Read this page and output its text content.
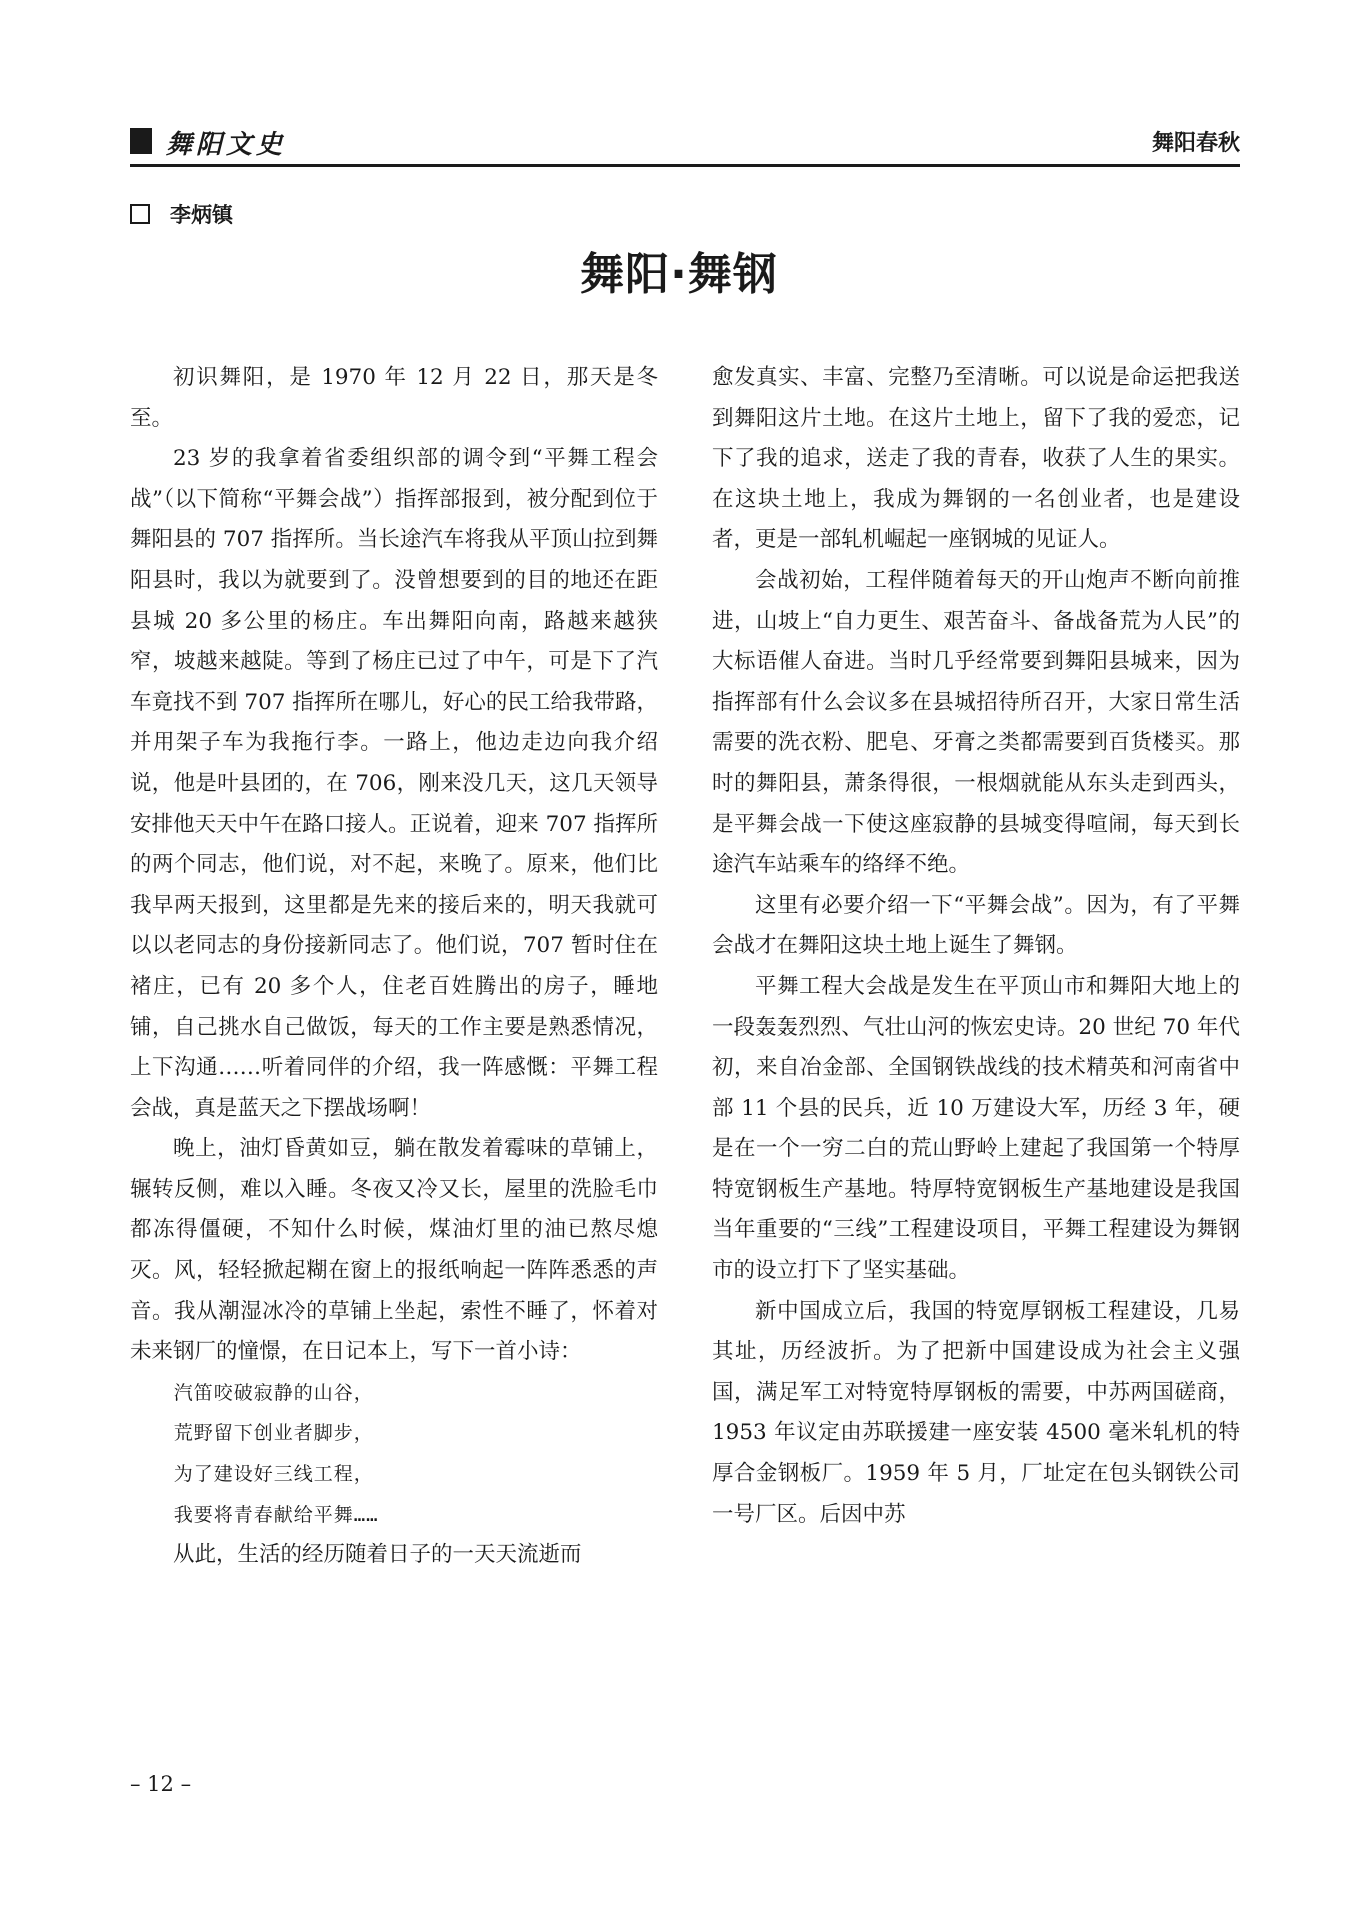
舞阳文史	舞阳春秋
李炳镇
舞阳·舞钢

初识舞阳，是 1970 年 12 月 22 日，那天是冬至。

23 岁的我拿着省委组织部的调令到“平舞工程会战”（以下简称“平舞会战”）指挥部报到，被分配到位于舞阳县的 707 指挥所。当长途汽车将我从平顶山拉到舞阳县时，我以为就要到了。没曾想要到的目的地还在距县城 20 多公里的杨庄。车出舞阳向南，路越来越狭窄，坡越来越陡。等到了杨庄已过了中午，可是下了汽车竟找不到 707 指挥所在哪儿，好心的民工给我带路，并用架子车为我拖行李。一路上，他边走边向我介绍说，他是叶县团的，在 706，刚来没几天，这几天领导安排他天天中午在路口接人。正说着，迎来 707 指挥所的两个同志，他们说，对不起，来晚了。原来，他们比我早两天报到，这里都是先来的接后来的，明天我就可以以老同志的身份接新同志了。他们说，707 暂时住在褚庄，已有 20 多个人，住老百姓腾出的房子，睡地铺，自己挑水自己做饭，每天的工作主要是熟悉情况，上下沟通……听着同伴的介绍，我一阵感慨：平舞工程会战，真是蓝天之下摆战场啊！

晚上，油灯昏黄如豆，躺在散发着霉味的草铺上，辗转反侧，难以入睡。冬夜又冷又长，屋里的洗脸毛巾都冻得僵硬，不知什么时候，煤油灯里的油已熬尽熄灭。风，轻轻掀起糊在窗上的报纸响起一阵阵悉悉的声音。我从潮湿冰冷的草铺上坐起，索性不睡了，怀着对未来钢厂的憧憬，在日记本上，写下一首小诗：

汽笛咬破寂静的山谷，

荒野留下创业者脚步，

为了建设好三线工程，

我要将青春献给平舞……

从此，生活的经历随着日子的一天天流逝而

愈发真实、丰富、完整乃至清晰。可以说是命运把我送到舞阳这片土地。在这片土地上，留下了我的爱恋，记下了我的追求，送走了我的青春，收获了人生的果实。在这块土地上，我成为舞钢的一名创业者，也是建设者，更是一部轧机崛起一座钢城的见证人。

会战初始，工程伴随着每天的开山炮声不断向前推进，山坡上“自力更生、艰苦奋斗、备战备荒为人民”的大标语催人奋进。当时几乎经常要到舞阳县城来，因为指挥部有什么会议多在县城招待所召开，大家日常生活需要的洗衣粉、肥皂、牙膏之类都需要到百货楼买。那时的舞阳县，萧条得很，一根烟就能从东头走到西头，是平舞会战一下使这座寂静的县城变得喧闹，每天到长途汽车站乘车的络绎不绝。

这里有必要介绍一下“平舞会战”。因为，有了平舞会战才在舞阳这块土地上诞生了舞钢。

平舞工程大会战是发生在平顶山市和舞阳大地上的一段轰轰烈烈、气壮山河的恢宏史诗。20 世纪 70 年代初，来自冶金部、全国钢铁战线的技术精英和河南省中部 11 个县的民兵，近 10 万建设大军，历经 3 年，硬是在一个一穷二白的荒山野岭上建起了我国第一个特厚特宽钢板生产基地。特厚特宽钢板生产基地建设是我国当年重要的“三线”工程建设项目，平舞工程建设为舞钢市的设立打下了坚实基础。

新中国成立后，我国的特宽厚钢板工程建设，几易其址，历经波折。为了把新中国建设成为社会主义强国，满足军工对特宽特厚钢板的需要，中苏两国磋商，1953 年议定由苏联援建一座安装 4500 毫米轧机的特厚合金钢板厂。1959 年 5 月，厂址定在包头钢铁公司一号厂区。后因中苏

– 12 –
